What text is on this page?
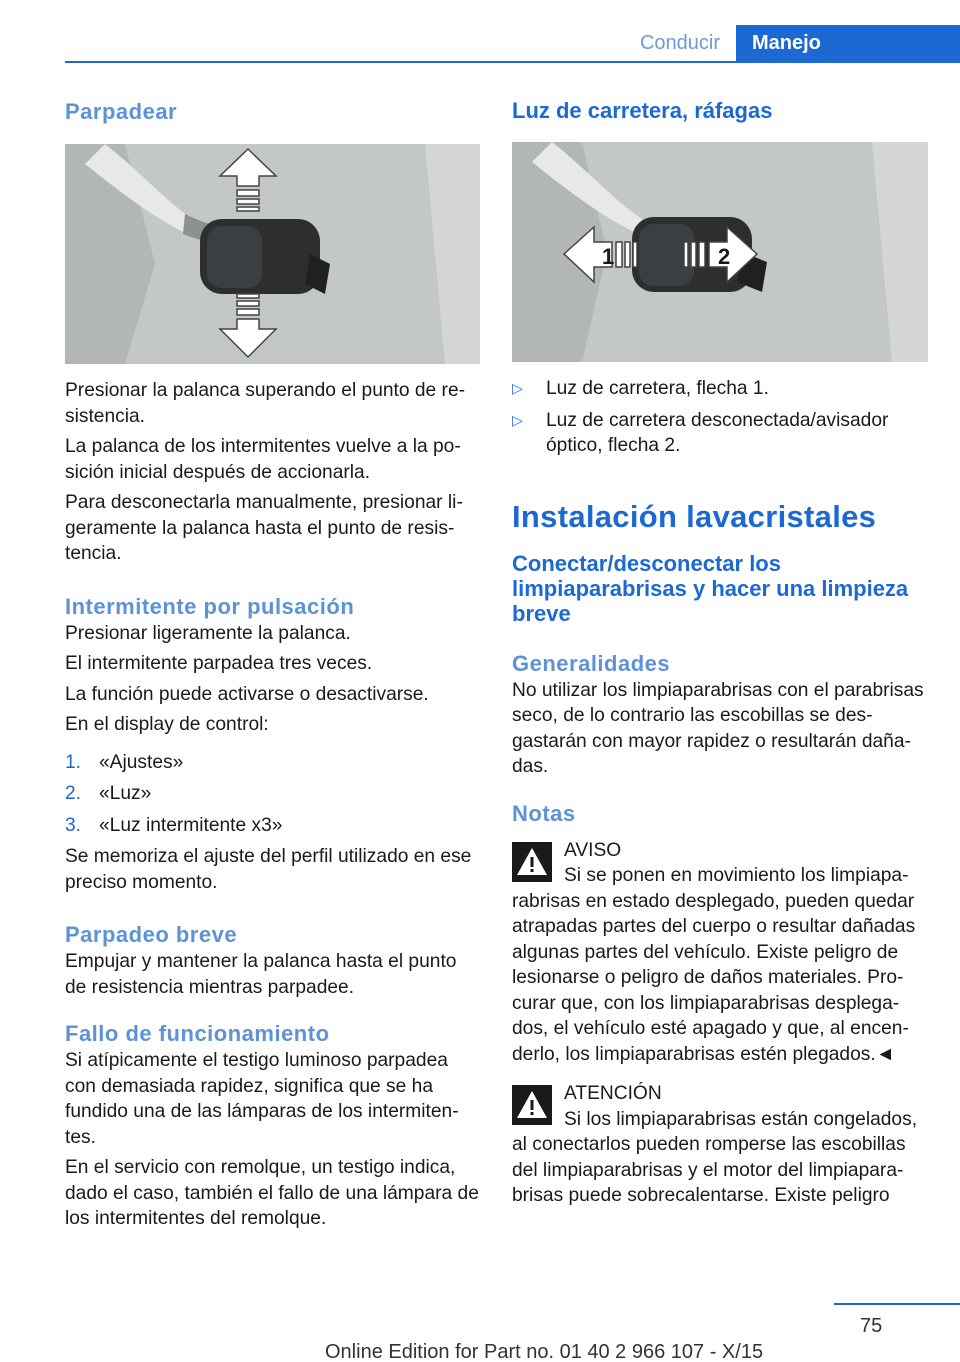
Conducir	Manejo
Parpadear

Presionar la palanca superando el punto de resistencia.

La palanca de los intermitentes vuelve a la posición inicial después de accionarla.

Para desconectarla manualmente, presionar ligeramente la palanca hasta el punto de resistencia.

Intermitente por pulsación

Presionar ligeramente la palanca.

El intermitente parpadea tres veces.

La función puede activarse o desactivarse.

En el display de control:

1. «Ajustes»
2. «Luz»
3. «Luz intermitente x3»

Se memoriza el ajuste del perfil utilizado en ese preciso momento.

Parpadeo breve

Empujar y mantener la palanca hasta el punto de resistencia mientras parpadee.

Fallo de funcionamiento

Si atípicamente el testigo luminoso parpadea con demasiada rapidez, significa que se ha fundido una de las lámparas de los intermitentes.

En el servicio con remolque, un testigo indica, dado el caso, también el fallo de una lámpara de los intermitentes del remolque.

Luz de carretera, ráfagas
1	2
▷ Luz de carretera, flecha 1.
▷ Luz de carretera desconectada/avisador óptico, flecha 2.
Instalación lavacristales
Conectar/desconectar los limpiaparabrisas y hacer una limpieza breve
Generalidades

No utilizar los limpiaparabrisas con el parabrisas seco, de lo contrario las escobillas se desgastarán con mayor rapidez o resultarán dañadas.

Notas
AVISO
Si se ponen en movimiento los limpiaparabrisas en estado desplegado, pueden quedar atrapadas partes del cuerpo o resultar dañadas algunas partes del vehículo. Existe peligro de lesionarse o peligro de daños materiales. Procurar que, con los limpiaparabrisas desplegados, el vehículo esté apagado y que, al encenderlo, los limpiaparabrisas estén plegados.◄
ATENCIÓN
Si los limpiaparabrisas están congelados, al conectarlos pueden romperse las escobillas del limpiaparabrisas y el motor del limpiaparabrisas puede sobrecalentarse. Existe peligro
75
Online Edition for Part no. 01 40 2 966 107 - X/15
